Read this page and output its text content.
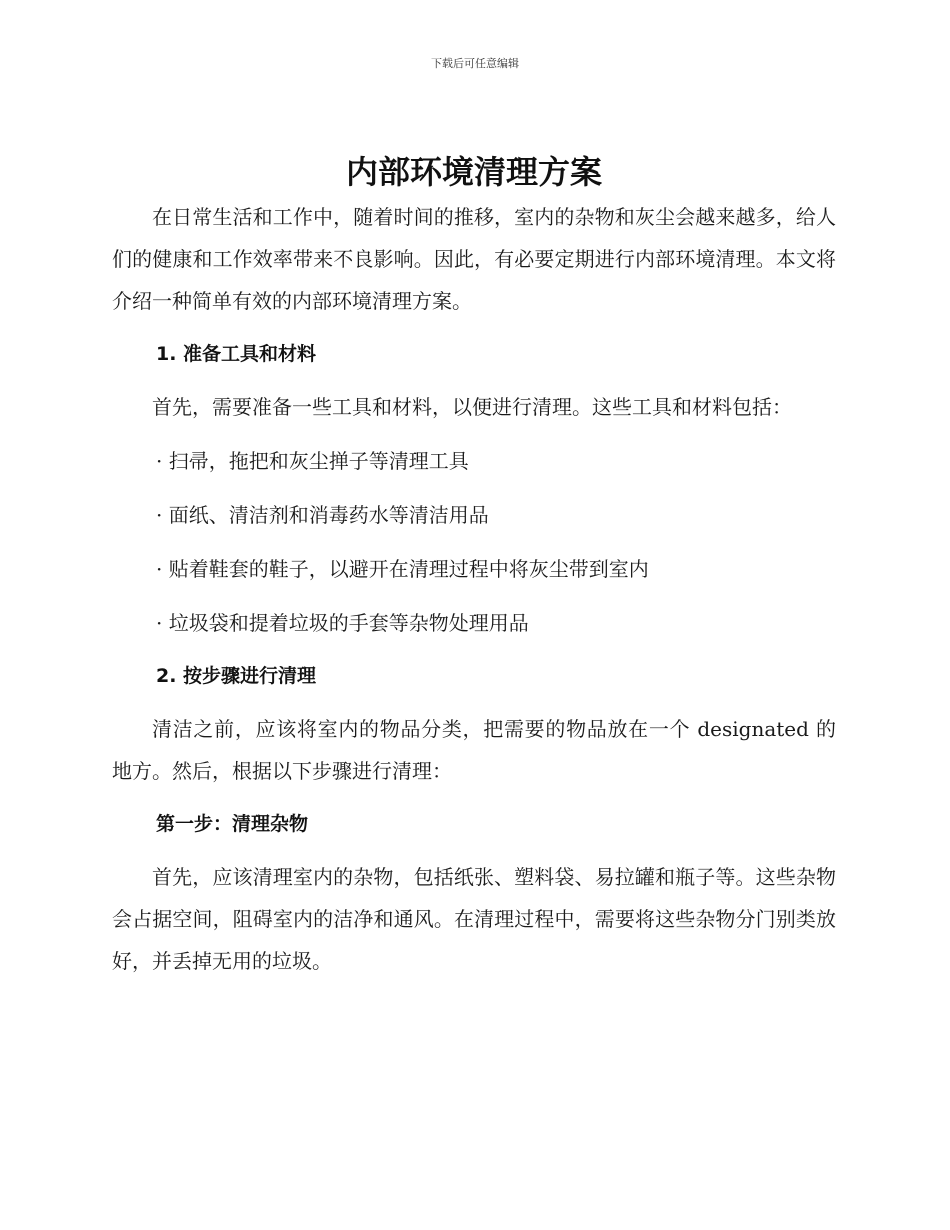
下载后可任意编辑
内部环境清理方案

在日常生活和工作中，随着时间的推移，室内的杂物和灰尘会越来越多，给人们的健康和工作效率带来不良影响。因此，有必要定期进行内部环境清理。本文将介绍一种简单有效的内部环境清理方案。

1. 准备工具和材料

首先，需要准备一些工具和材料，以便进行清理。这些工具和材料包括：

· 扫帚，拖把和灰尘掸子等清理工具
· 面纸、清洁剂和消毒药水等清洁用品
· 贴着鞋套的鞋子，以避开在清理过程中将灰尘带到室内
· 垃圾袋和提着垃圾的手套等杂物处理用品
2. 按步骤进行清理

清洁之前，应该将室内的物品分类，把需要的物品放在一个 designated 的地方。然后，根据以下步骤进行清理：

第一步：清理杂物

首先，应该清理室内的杂物，包括纸张、塑料袋、易拉罐和瓶子等。这些杂物会占据空间，阻碍室内的洁净和通风。在清理过程中，需要将这些杂物分门别类放好，并丢掉无用的垃圾。
